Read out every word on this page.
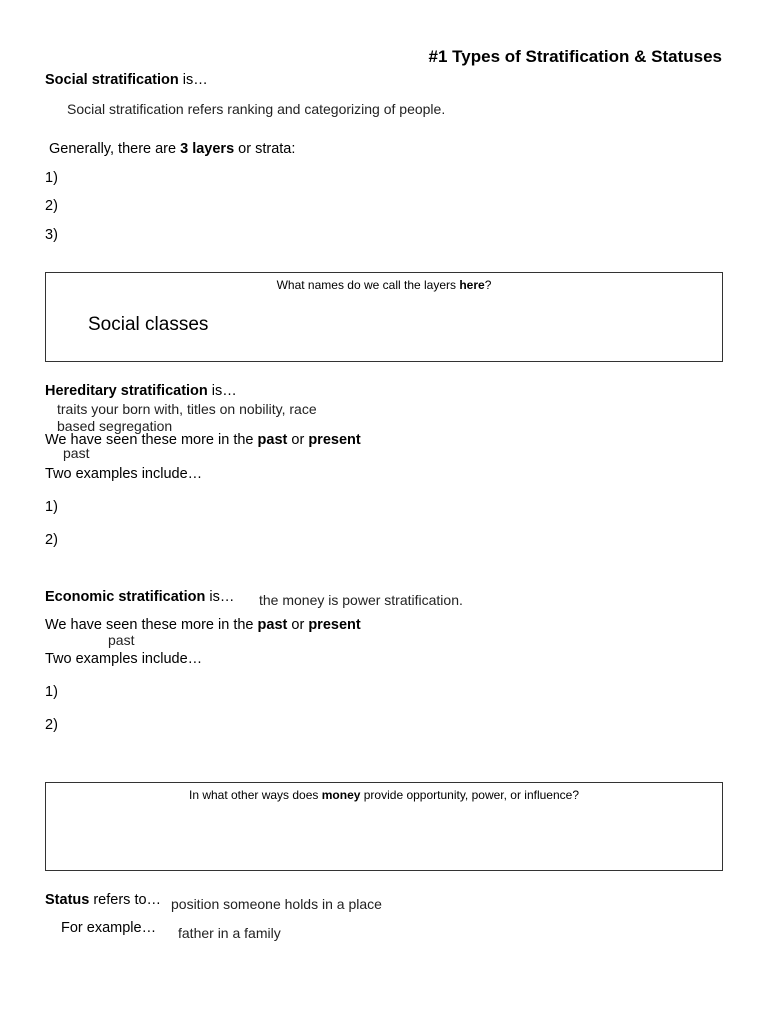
#1 Types of Stratification & Statuses
Social stratification is…
Social stratification refers ranking and categorizing of people.
Generally, there are 3 layers or strata:
1)
2)
3)
What names do we call the layers here?
Social classes
Hereditary stratification is…
traits your born with, titles on nobility, race
based segregation
We have seen these more in the past or present
past
Two examples include…
1)
2)
Economic stratification is… the money is power stratification.
We have seen these more in the past or present
past
Two examples include…
1)
2)
In what other ways does money provide opportunity, power, or influence?
Status refers to… position someone holds in a place
For example… father in a family
